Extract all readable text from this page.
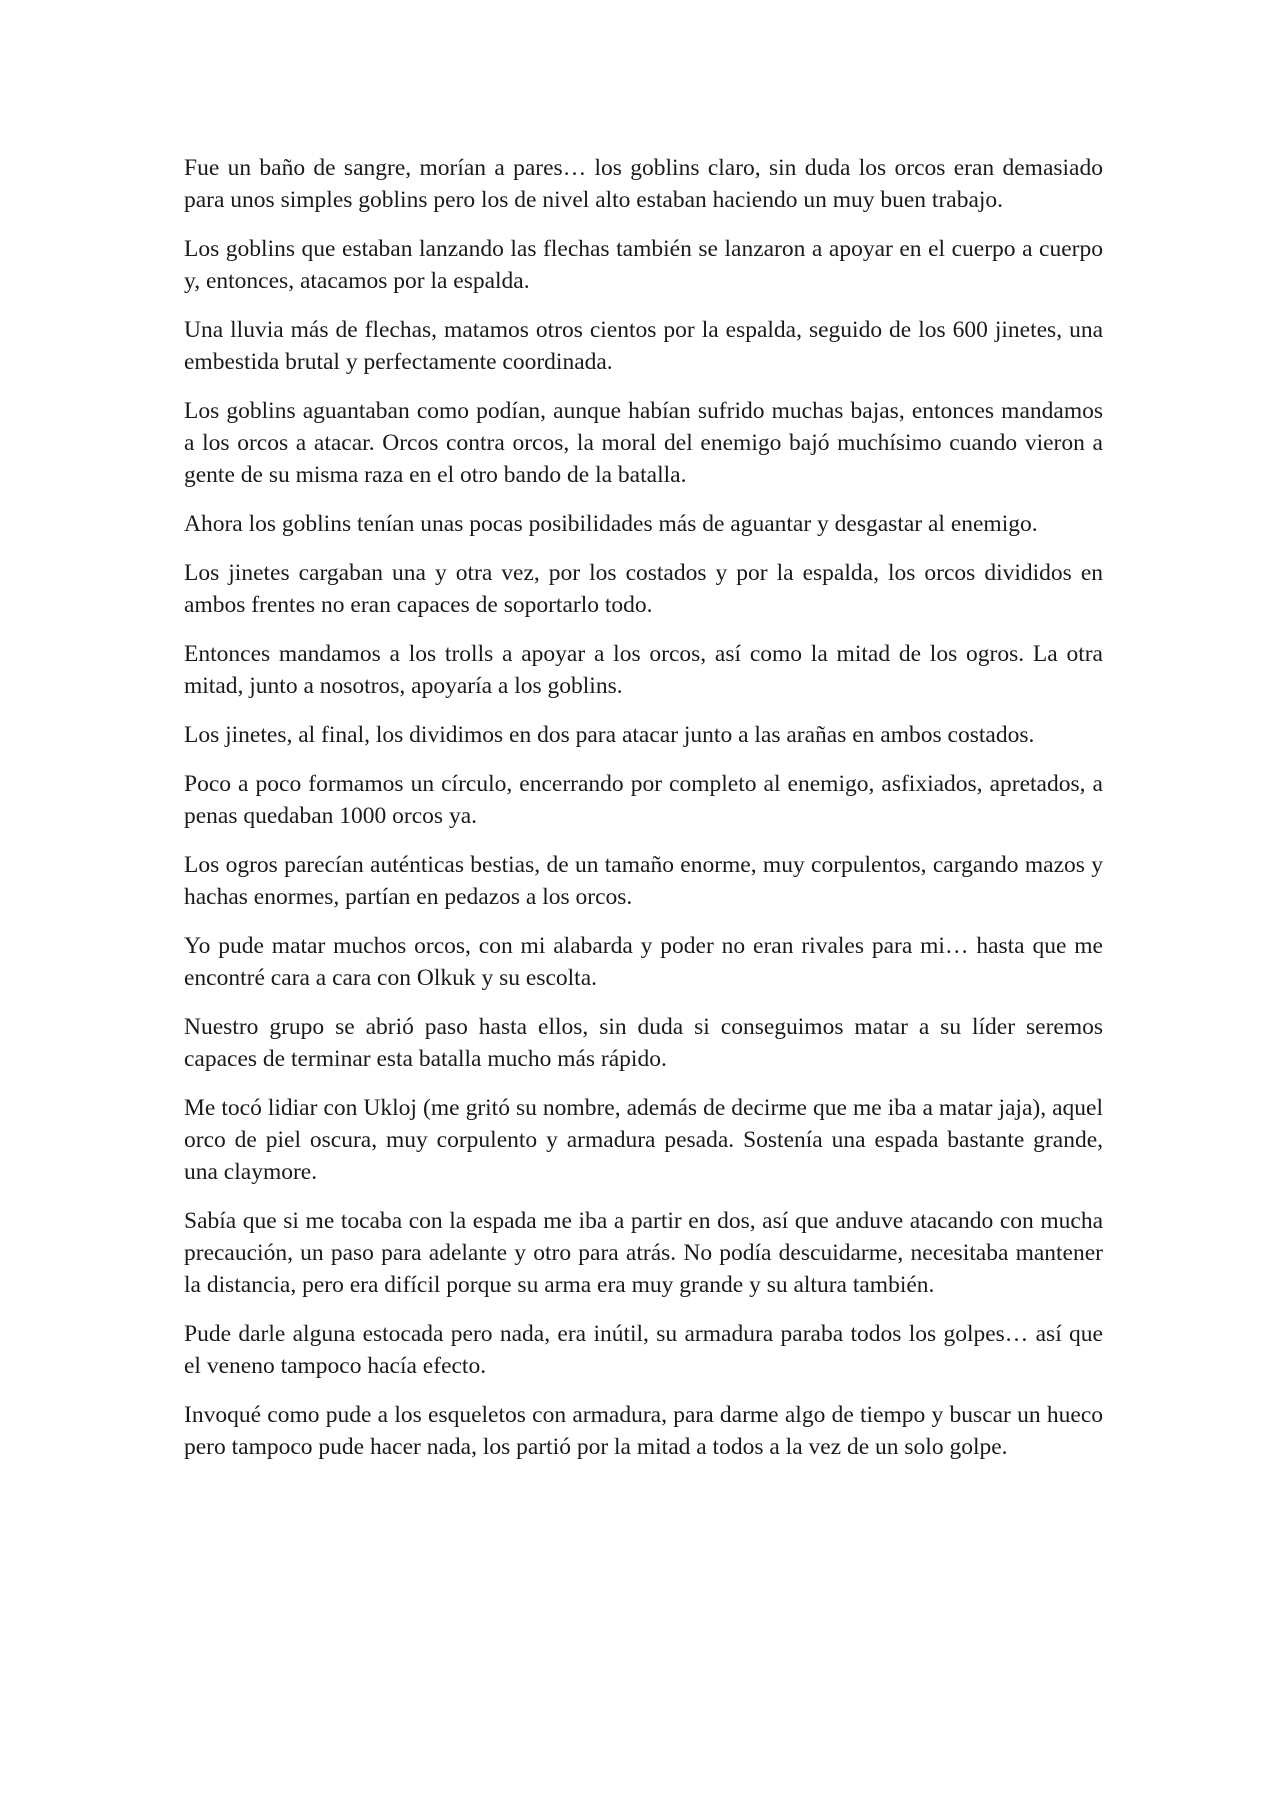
Fue un baño de sangre, morían a pares… los goblins claro, sin duda los orcos eran demasiado para unos simples goblins pero los de nivel alto estaban haciendo un muy buen trabajo.

Los goblins que estaban lanzando las flechas también se lanzaron a apoyar en el cuerpo a cuerpo y, entonces, atacamos por la espalda.

Una lluvia más de flechas, matamos otros cientos por la espalda, seguido de los 600 jinetes, una embestida brutal y perfectamente coordinada.

Los goblins aguantaban como podían, aunque habían sufrido muchas bajas, entonces mandamos a los orcos a atacar. Orcos contra orcos, la moral del enemigo bajó muchísimo cuando vieron a gente de su misma raza en el otro bando de la batalla.

Ahora los goblins tenían unas pocas posibilidades más de aguantar y desgastar al enemigo.

Los jinetes cargaban una y otra vez, por los costados y por la espalda, los orcos divididos en ambos frentes no eran capaces de soportarlo todo.

Entonces mandamos a los trolls a apoyar a los orcos, así como la mitad de los ogros. La otra mitad, junto a nosotros, apoyaría a los goblins.

Los jinetes, al final, los dividimos en dos para atacar junto a las arañas en ambos costados.

Poco a poco formamos un círculo, encerrando por completo al enemigo, asfixiados, apretados, a penas quedaban 1000 orcos ya.

Los ogros parecían auténticas bestias, de un tamaño enorme, muy corpulentos, cargando mazos y hachas enormes, partían en pedazos a los orcos.

Yo pude matar muchos orcos, con mi alabarda y poder no eran rivales para mi… hasta que me encontré cara a cara con Olkuk y su escolta.

Nuestro grupo se abrió paso hasta ellos, sin duda si conseguimos matar a su líder seremos capaces de terminar esta batalla mucho más rápido.

Me tocó lidiar con Ukloj (me gritó su nombre, además de decirme que me iba a matar jaja), aquel orco de piel oscura, muy corpulento y armadura pesada. Sostenía una espada bastante grande, una claymore.

Sabía que si me tocaba con la espada me iba a partir en dos, así que anduve atacando con mucha precaución, un paso para adelante y otro para atrás. No podía descuidarme, necesitaba mantener la distancia, pero era difícil porque su arma era muy grande y su altura también.

Pude darle alguna estocada pero nada, era inútil, su armadura paraba todos los golpes… así que el veneno tampoco hacía efecto.

Invoqué como pude a los esqueletos con armadura, para darme algo de tiempo y buscar un hueco pero tampoco pude hacer nada, los partió por la mitad a todos a la vez de un solo golpe.
